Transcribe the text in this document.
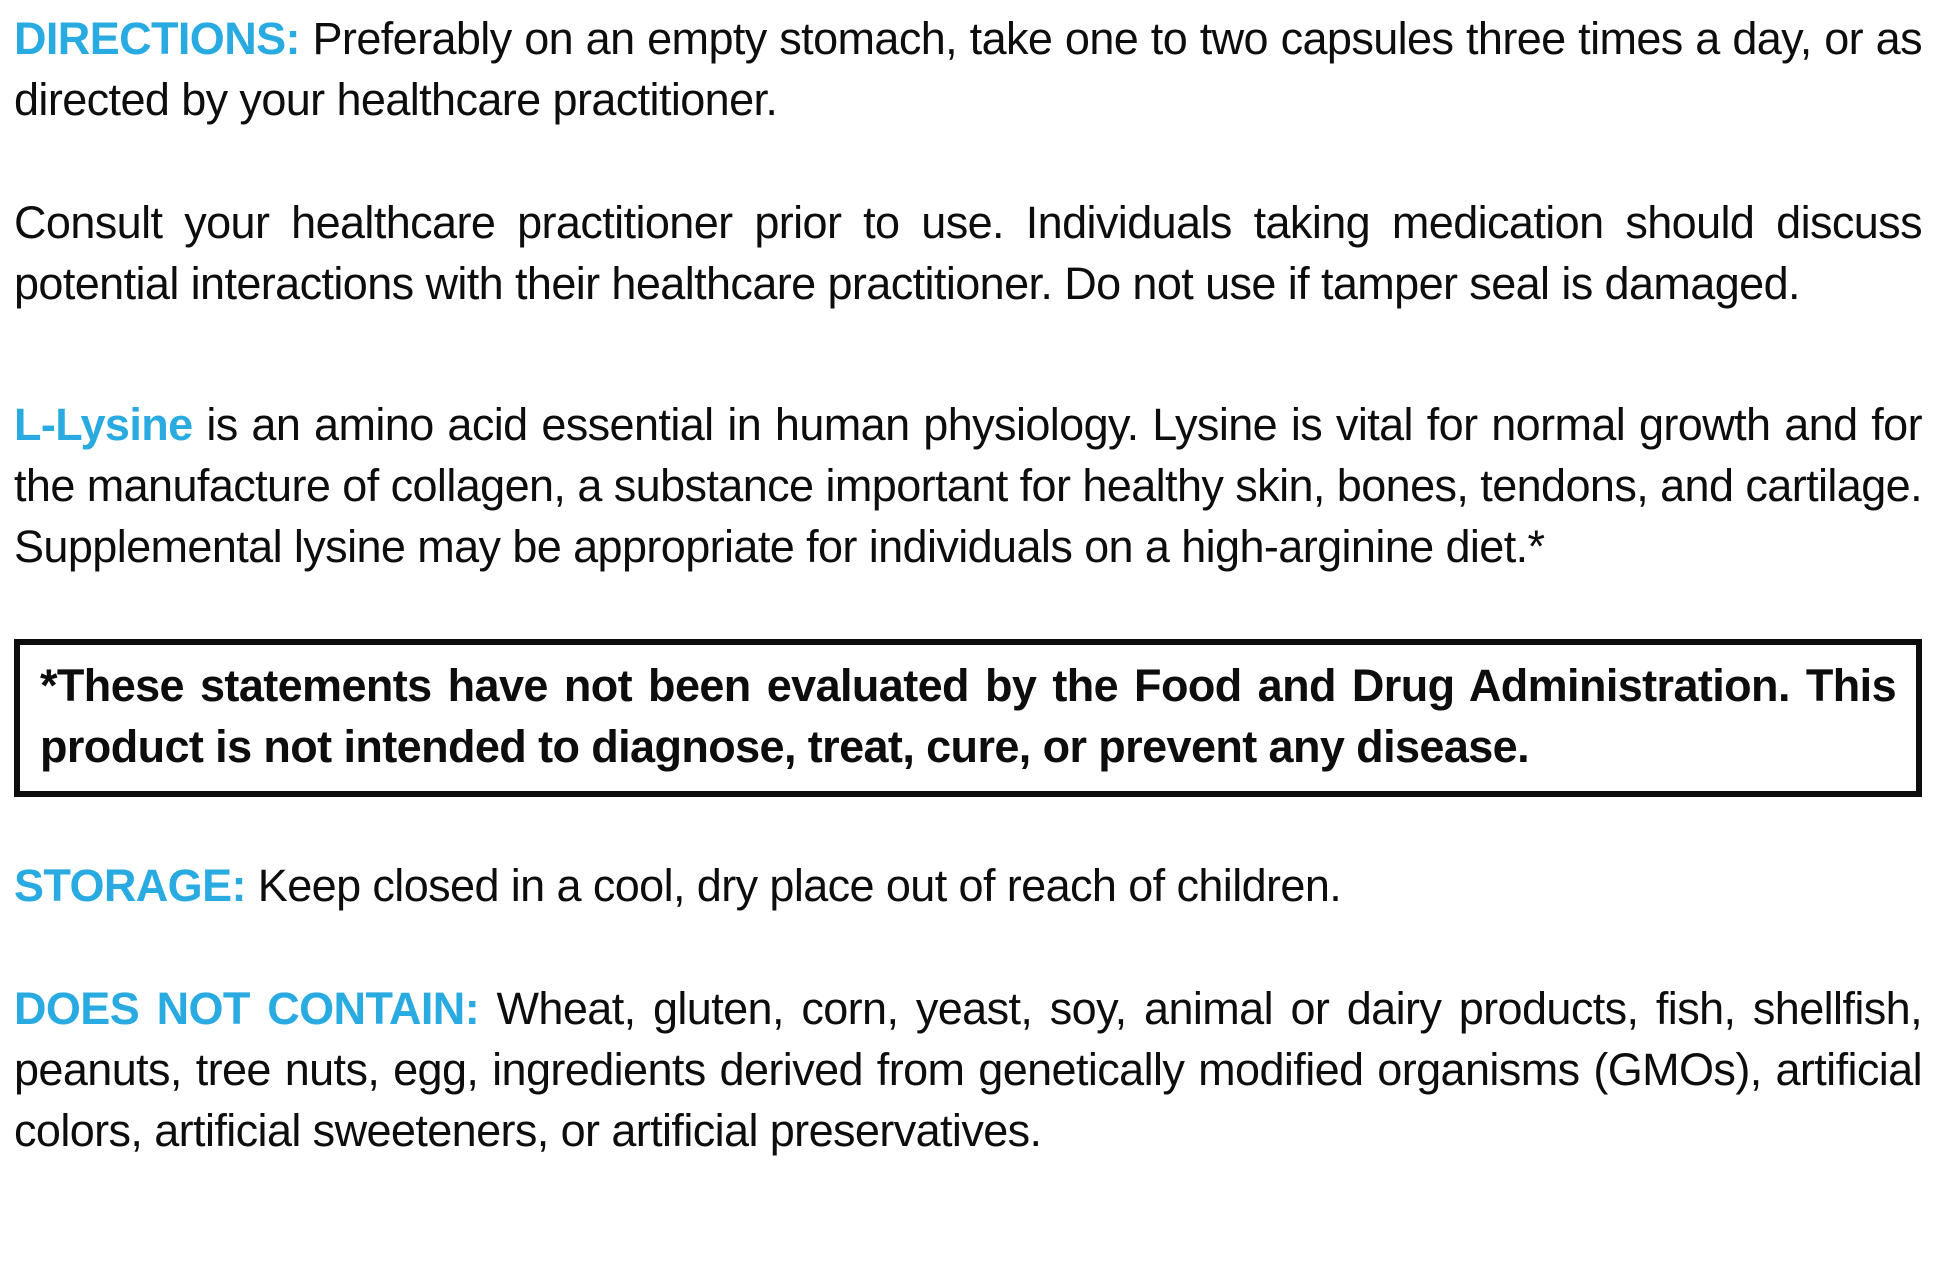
DIRECTIONS: Preferably on an empty stomach, take one to two capsules three times a day, or as directed by your healthcare practitioner.

Consult your healthcare practitioner prior to use. Individuals taking medication should discuss potential interactions with their healthcare practitioner. Do not use if tamper seal is damaged.

L-Lysine is an amino acid essential in human physiology. Lysine is vital for normal growth and for the manufacture of collagen, a substance important for healthy skin, bones, tendons, and cartilage. Supplemental lysine may be appropriate for individuals on a high-arginine diet.*

*These statements have not been evaluated by the Food and Drug Administration. This product is not intended to diagnose, treat, cure, or prevent any disease.

STORAGE: Keep closed in a cool, dry place out of reach of children.

DOES NOT CONTAIN: Wheat, gluten, corn, yeast, soy, animal or dairy products, fish, shellfish, peanuts, tree nuts, egg, ingredients derived from genetically modified organisms (GMOs), artificial colors, artificial sweeteners, or artificial preservatives.
